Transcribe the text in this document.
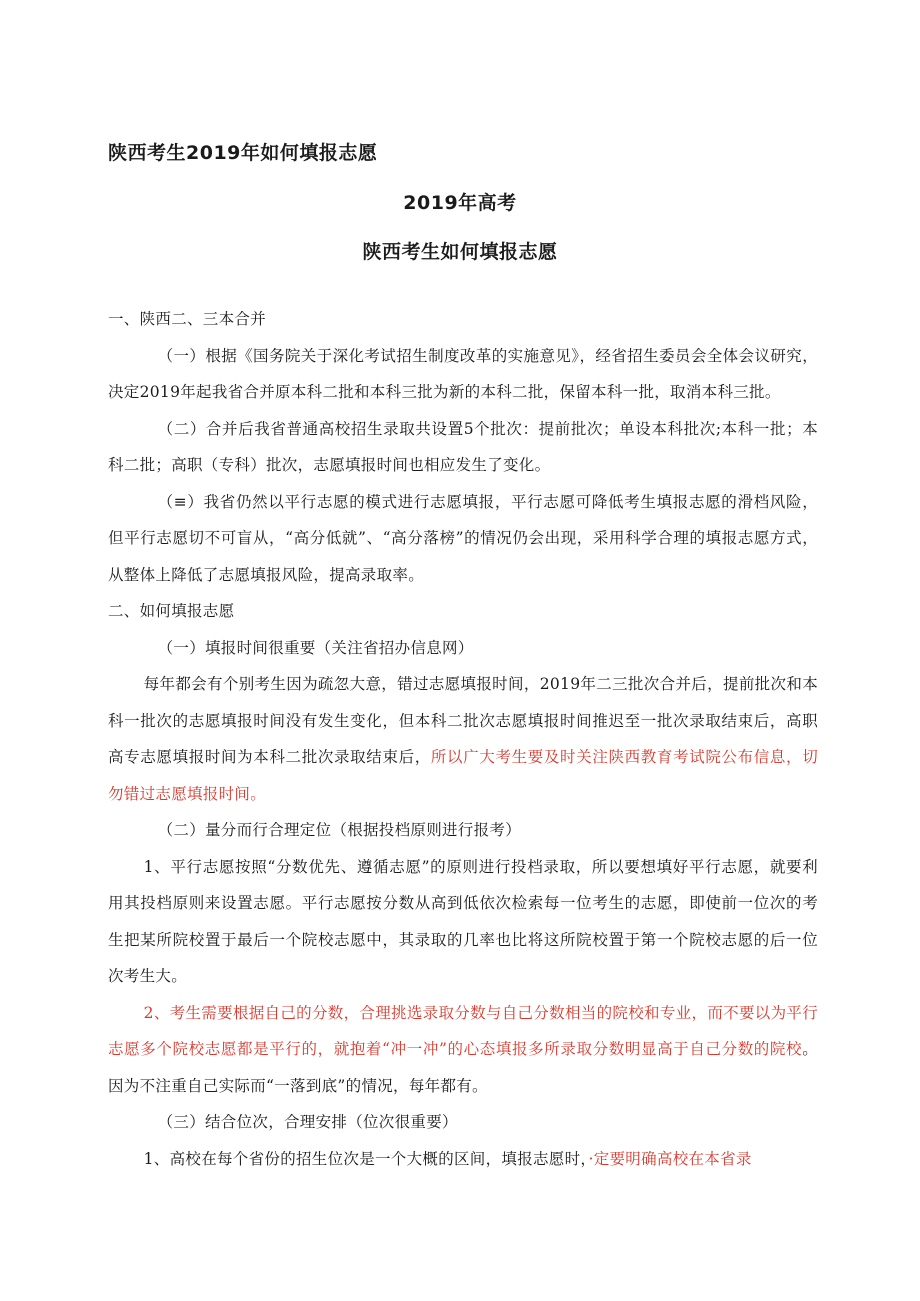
陕西考生2019年如何填报志愿
2019年高考
陕西考生如何填报志愿

一、陕西二、三本合并

（一）根据《国务院关于深化考试招生制度改革的实施意见》，经省招生委员会全体会议研究，决定2019年起我省合并原本科二批和本科三批为新的本科二批，保留本科一批，取消本科三批。

（二）合并后我省普通高校招生录取共设置5个批次：提前批次；单设本科批次;本科一批；本科二批；高职（专科）批次，志愿填报时间也相应发生了变化。

（≡）我省仍然以平行志愿的模式进行志愿填报，平行志愿可降低考生填报志愿的滑档风险，但平行志愿切不可盲从，“高分低就”、“高分落榜”的情况仍会出现，采用科学合理的填报志愿方式，从整体上降低了志愿填报风险，提高录取率。

二、如何填报志愿

（一）填报时间很重要（关注省招办信息网）

每年都会有个别考生因为疏忽大意，错过志愿填报时间，2019年二三批次合并后，提前批次和本科一批次的志愿填报时间没有发生变化，但本科二批次志愿填报时间推迟至一批次录取结束后，高职高专志愿填报时间为本科二批次录取结束后，所以广大考生要及时关注陕西教育考试院公布信息，切勿错过志愿填报时间。

（二）量分而行合理定位（根据投档原则进行报考）

1、平行志愿按照“分数优先、遵循志愿”的原则进行投档录取，所以要想填好平行志愿，就要利用其投档原则来设置志愿。平行志愿按分数从高到低依次检索每一位考生的志愿，即使前一位次的考生把某所院校置于最后一个院校志愿中，其录取的几率也比将这所院校置于第一个院校志愿的后一位次考生大。

2、考生需要根据自己的分数，合理挑选录取分数与自己分数相当的院校和专业，而不要以为平行志愿多个院校志愿都是平行的，就抱着“冲一冲”的心态填报多所录取分数明显高于自己分数的院校。因为不注重自己实际而“一落到底”的情况，每年都有。

（三）结合位次，合理安排（位次很重要）

1、高校在每个省份的招生位次是一个大概的区间，填报志愿时，·定要明确高校在本省录
